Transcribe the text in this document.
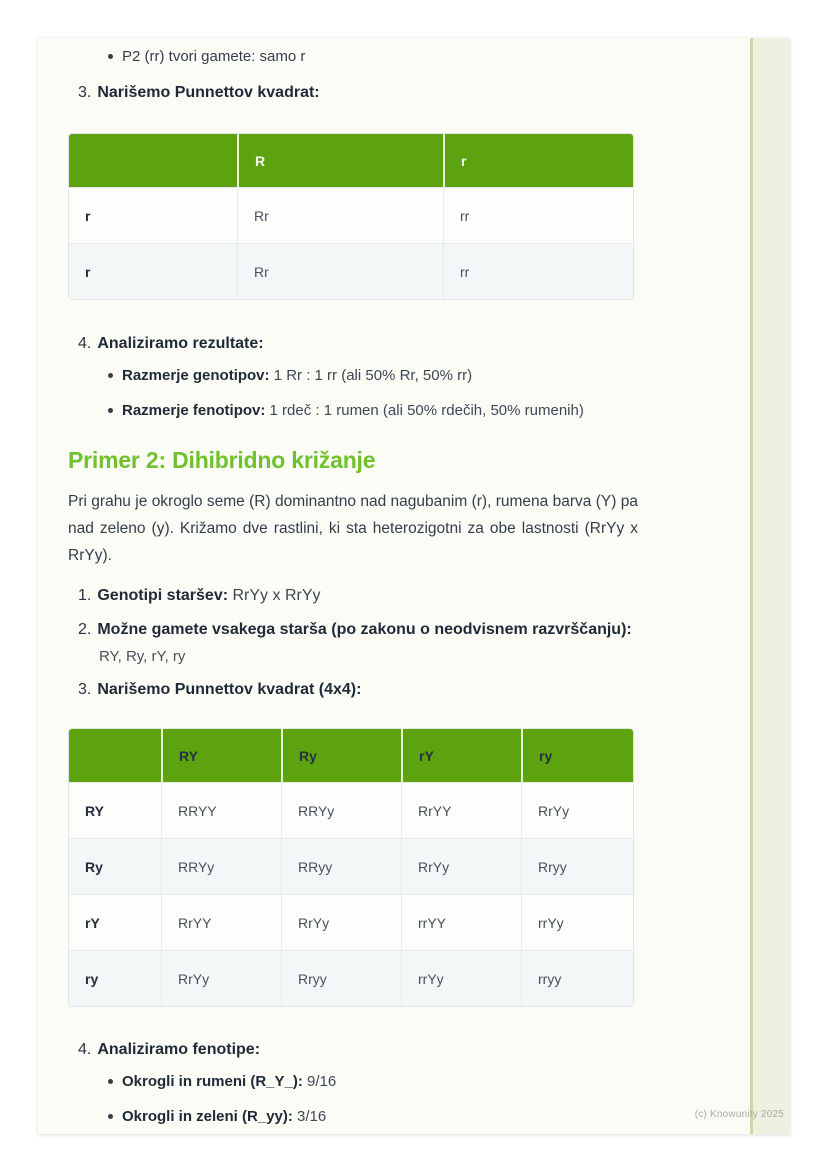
P2 (rr) tvori gamete: samo r
3. Narišemo Punnettov kvadrat:
	R	r
r	Rr	rr
r	Rr	rr
4. Analiziramo rezultate:
Razmerje genotipov: 1 Rr : 1 rr (ali 50% Rr, 50% rr)
Razmerje fenotipov: 1 rdeč : 1 rumen (ali 50% rdečih, 50% rumenih)
Primer 2: Dihibridno križanje

Pri grahu je okroglo seme (R) dominantno nad nagubanim (r), rumena barva (Y) pa nad zeleno (y). Križamo dve rastlini, ki sta heterozigotni za obe lastnosti (RrYy x RrYy).

1. Genotipi staršev: RrYy x RrYy
2. Možne gamete vsakega starša (po zakonu o neodvisnem razvrščanju):
RY, Ry, rY, ry
3. Narišemo Punnettov kvadrat (4x4):
	RY	Ry	rY	ry
RY	RRYY	RRYy	RrYY	RrYy
Ry	RRYy	RRyy	RrYy	Rryy
rY	RrYY	RrYy	rrYY	rrYy
ry	RrYy	Rryy	rrYy	rryy
4. Analiziramo fenotipe:
Okrogli in rumeni (R_Y_): 9/16
Okrogli in zeleni (R_yy): 3/16	(c) Knowunity 2025
